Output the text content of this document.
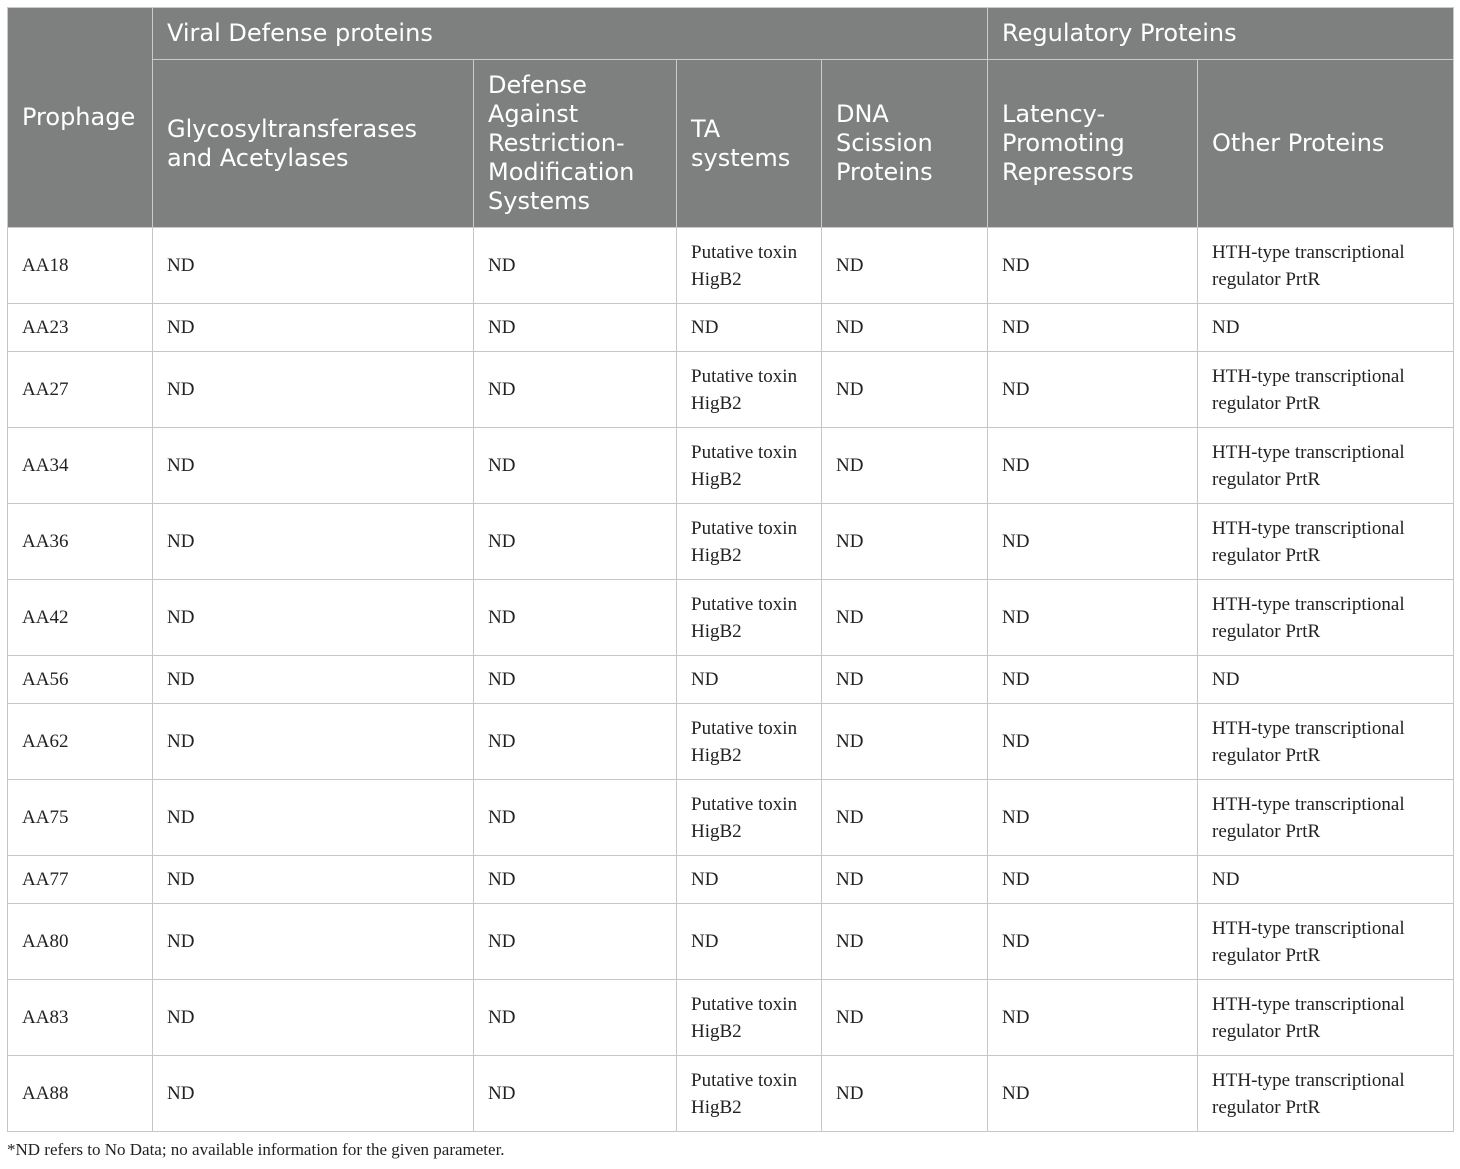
Prophage	Viral Defense proteins				Regulatory Proteins	
	Glycosyltransferases and Acetylases	Defense Against Restriction-Modification Systems	TA systems	DNA Scission Proteins	Latency-Promoting Repressors	Other Proteins
AA18	ND	ND	Putative toxin HigB2	ND	ND	HTH-type transcriptional regulator PrtR
AA23	ND	ND	ND	ND	ND	ND
AA27	ND	ND	Putative toxin HigB2	ND	ND	HTH-type transcriptional regulator PrtR
AA34	ND	ND	Putative toxin HigB2	ND	ND	HTH-type transcriptional regulator PrtR
AA36	ND	ND	Putative toxin HigB2	ND	ND	HTH-type transcriptional regulator PrtR
AA42	ND	ND	Putative toxin HigB2	ND	ND	HTH-type transcriptional regulator PrtR
AA56	ND	ND	ND	ND	ND	ND
AA62	ND	ND	Putative toxin HigB2	ND	ND	HTH-type transcriptional regulator PrtR
AA75	ND	ND	Putative toxin HigB2	ND	ND	HTH-type transcriptional regulator PrtR
AA77	ND	ND	ND	ND	ND	ND
AA80	ND	ND	ND	ND	ND	HTH-type transcriptional regulator PrtR
AA83	ND	ND	Putative toxin HigB2	ND	ND	HTH-type transcriptional regulator PrtR
AA88	ND	ND	Putative toxin HigB2	ND	ND	HTH-type transcriptional regulator PrtR
*ND refers to No Data; no available information for the given parameter.
